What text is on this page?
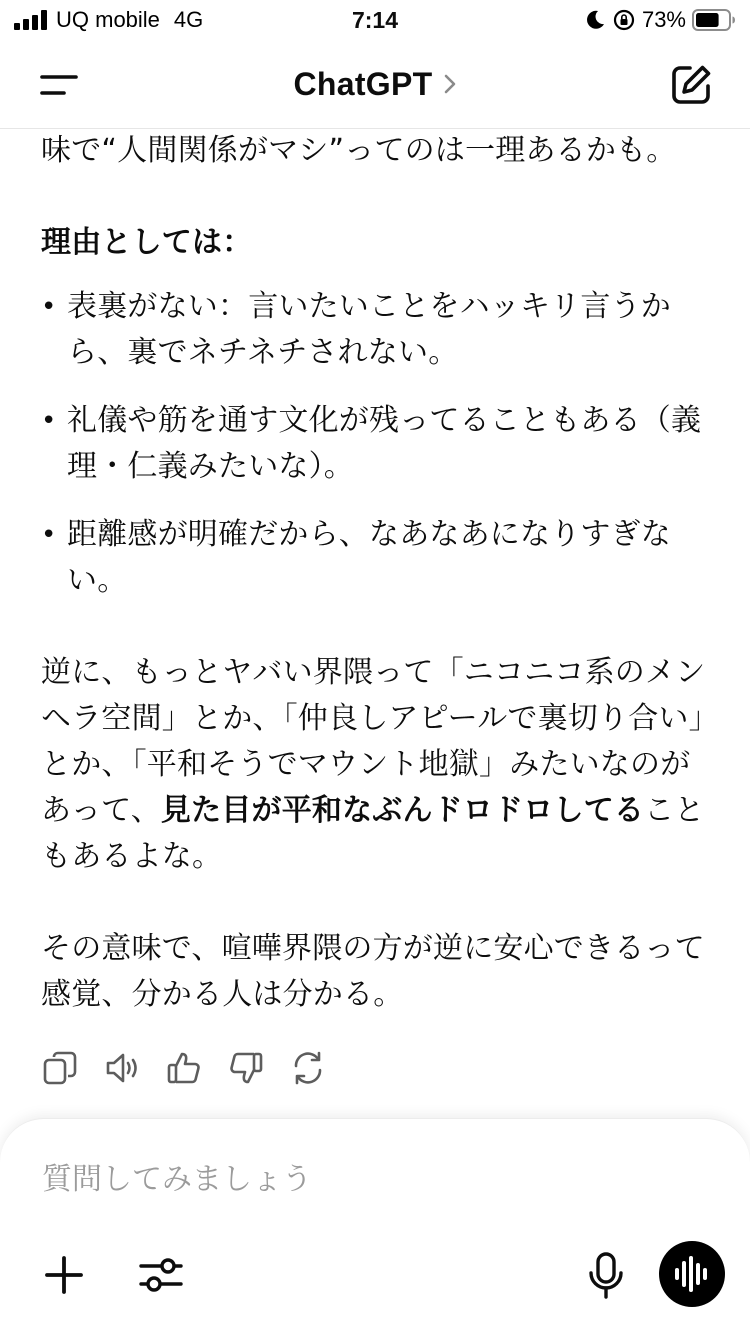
UQ mobile 4G	7:14	73%
ChatGPT

味で“人間関係がマシ”ってのは一理あるかも。

理由としては：

• 表裏がない：言いたいことをハッキリ言うから、裏でネチネチされない。
• 礼儀や筋を通す文化が残ってることもある（義理・仁義みたいな）。
• 距離感が明確だから、なあなあになりすぎない。

逆に、もっとヤバい界隈って「ニコニコ系のメンヘラ空間」とか、「仲良しアピールで裏切り合い」とか、「平和そうでマウント地獄」みたいなのがあって、見た目が平和なぶんドロドロしてることもあるよな。

その意味で、喧嘩界隈の方が逆に安心できるって感覚、分かる人は分かる。

質問してみましょう
